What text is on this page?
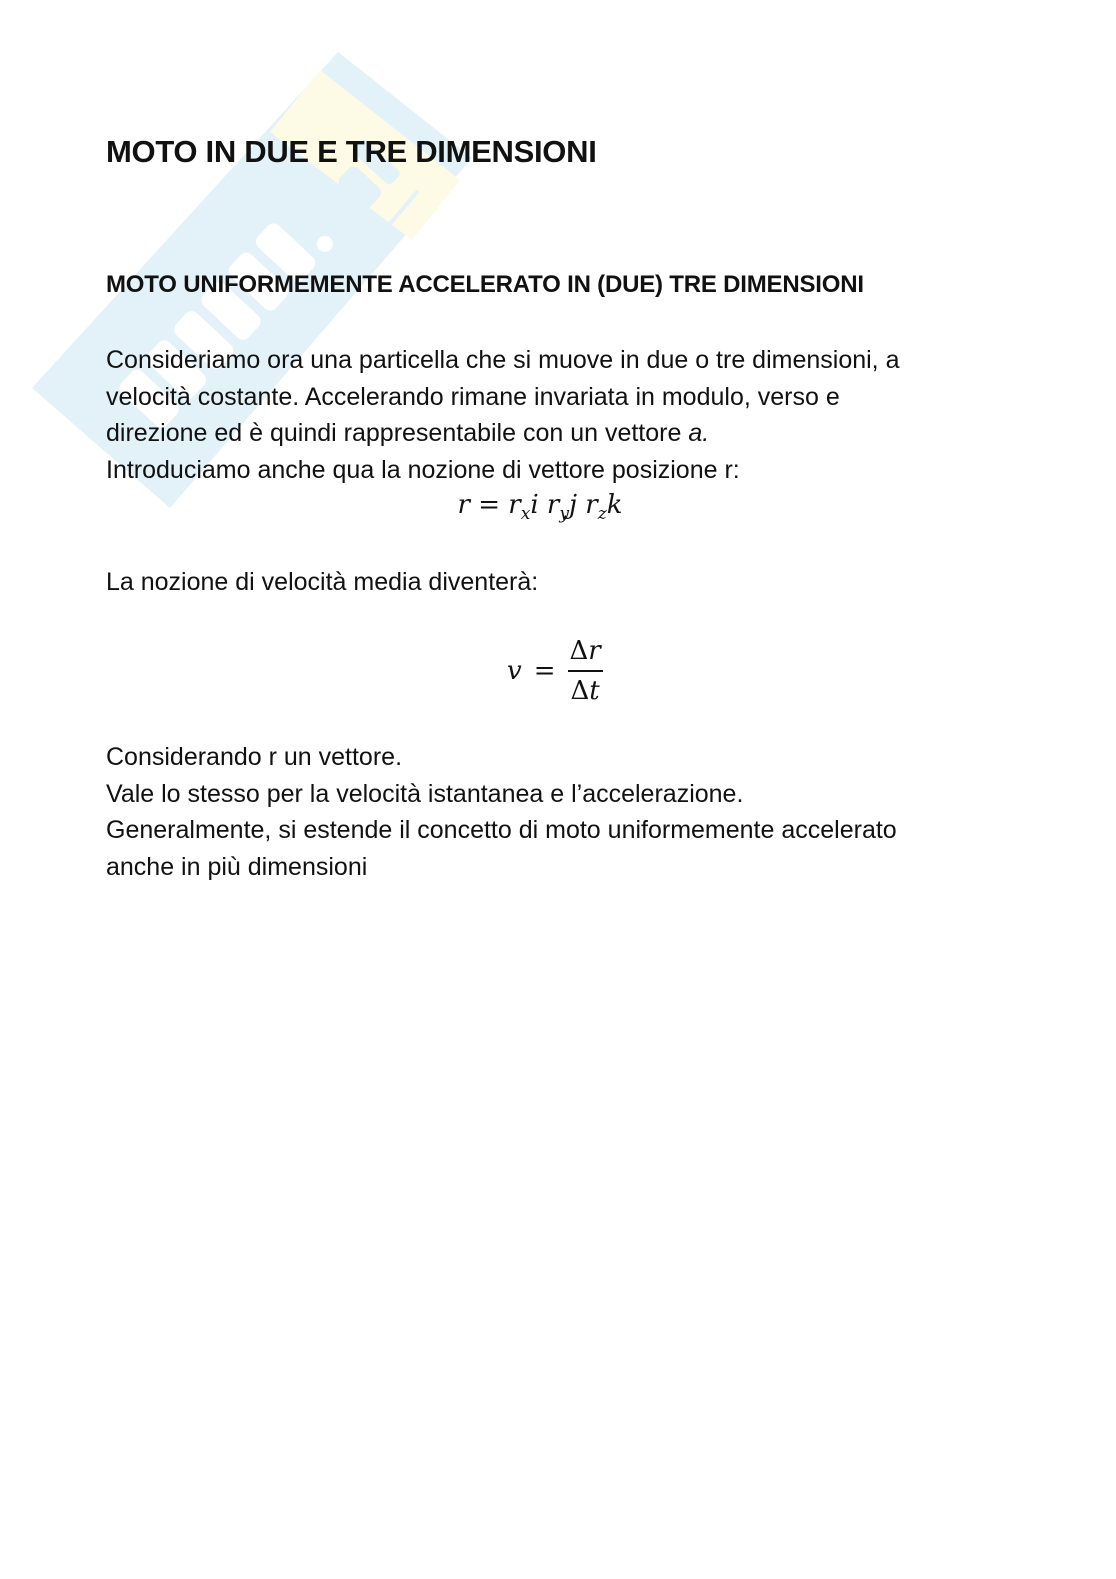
MOTO IN DUE E TRE DIMENSIONI
MOTO UNIFORMEMENTE ACCELERATO IN (DUE) TRE DIMENSIONI

Consideriamo ora una particella che si muove in due o tre dimensioni, a

velocità costante. Accelerando rimane invariata in modulo, verso e

direzione ed è quindi rappresentabile con un vettore a.

Introduciamo anche qua la nozione di vettore posizione r:

$r = r_xi$ $r_yj$ $r_zk$

La nozione di velocità media diventerà:

$v = \frac{\Delta r}{\Delta t}$

Considerando r un vettore.

Vale lo stesso per la velocità istantanea e l’accelerazione.

Generalmente, si estende il concetto di moto uniformemente accelerato

anche in più dimensioni
